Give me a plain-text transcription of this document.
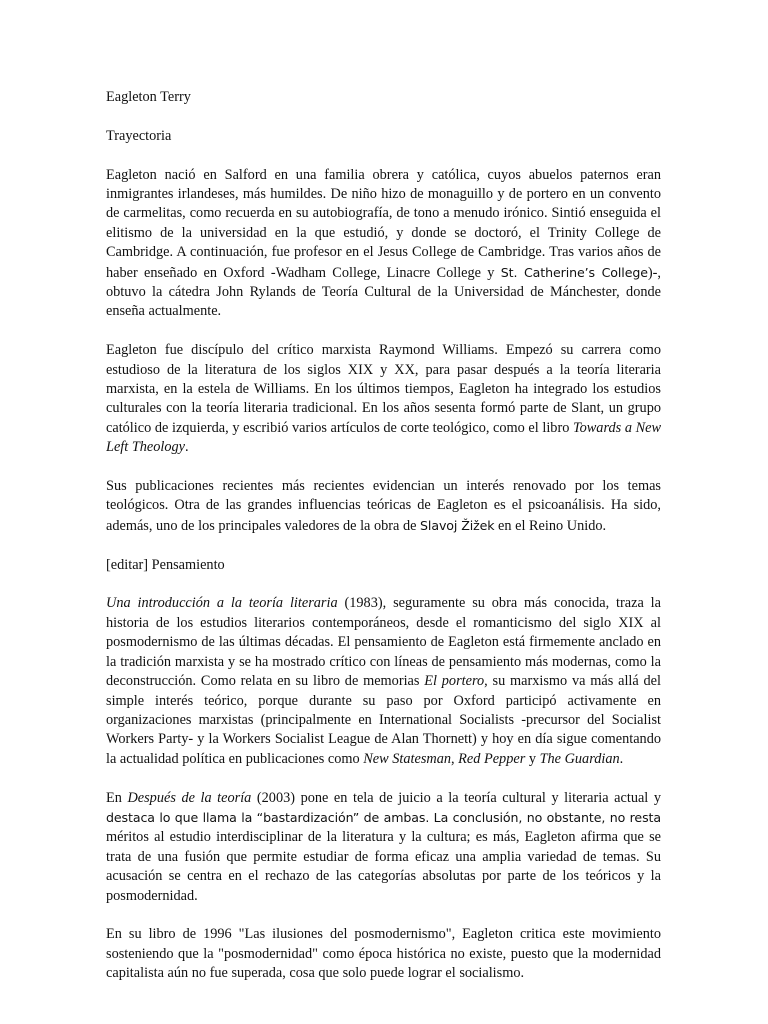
Eagleton Terry

Trayectoria

Eagleton nació en Salford en una familia obrera y católica, cuyos abuelos paternos eran inmigrantes irlandeses, más humildes. De niño hizo de monaguillo y de portero en un convento de carmelitas, como recuerda en su autobiografía, de tono a menudo irónico. Sintió enseguida el elitismo de la universidad en la que estudió, y donde se doctoró, el Trinity College de Cambridge. A continuación, fue profesor en el Jesus College de Cambridge. Tras varios años de haber enseñado en Oxford -Wadham College, Linacre College y St. Catherine’s College)-, obtuvo la cátedra John Rylands de Teoría Cultural de la Universidad de Mánchester, donde enseña actualmente.

Eagleton fue discípulo del crítico marxista Raymond Williams. Empezó su carrera como estudioso de la literatura de los siglos XIX y XX, para pasar después a la teoría literaria marxista, en la estela de Williams. En los últimos tiempos, Eagleton ha integrado los estudios culturales con la teoría literaria tradicional. En los años sesenta formó parte de Slant, un grupo católico de izquierda, y escribió varios artículos de corte teológico, como el libro Towards a New Left Theology.

Sus publicaciones recientes más recientes evidencian un interés renovado por los temas teológicos. Otra de las grandes influencias teóricas de Eagleton es el psicoanálisis. Ha sido, además, uno de los principales valedores de la obra de Slavoj Žižek en el Reino Unido.

[editar] Pensamiento

Una introducción a la teoría literaria (1983), seguramente su obra más conocida, traza la historia de los estudios literarios contemporáneos, desde el romanticismo del siglo XIX al posmodernismo de las últimas décadas. El pensamiento de Eagleton está firmemente anclado en la tradición marxista y se ha mostrado crítico con líneas de pensamiento más modernas, como la deconstrucción. Como relata en su libro de memorias El portero, su marxismo va más allá del simple interés teórico, porque durante su paso por Oxford participó activamente en organizaciones marxistas (principalmente en International Socialists -precursor del Socialist Workers Party- y la Workers Socialist League de Alan Thornett) y hoy en día sigue comentando la actualidad política en publicaciones como New Statesman, Red Pepper y The Guardian.

En Después de la teoría (2003) pone en tela de juicio a la teoría cultural y literaria actual y destaca lo que llama la “bastardización” de ambas. La conclusión, no obstante, no resta méritos al estudio interdisciplinar de la literatura y la cultura; es más, Eagleton afirma que se trata de una fusión que permite estudiar de forma eficaz una amplia variedad de temas. Su acusación se centra en el rechazo de las categorías absolutas por parte de los teóricos y la posmodernidad.

En su libro de 1996 "Las ilusiones del posmodernismo", Eagleton critica este movimiento sosteniendo que la "posmodernidad" como época histórica no existe, puesto que la modernidad capitalista aún no fue superada, cosa que solo puede lograr el socialismo.
